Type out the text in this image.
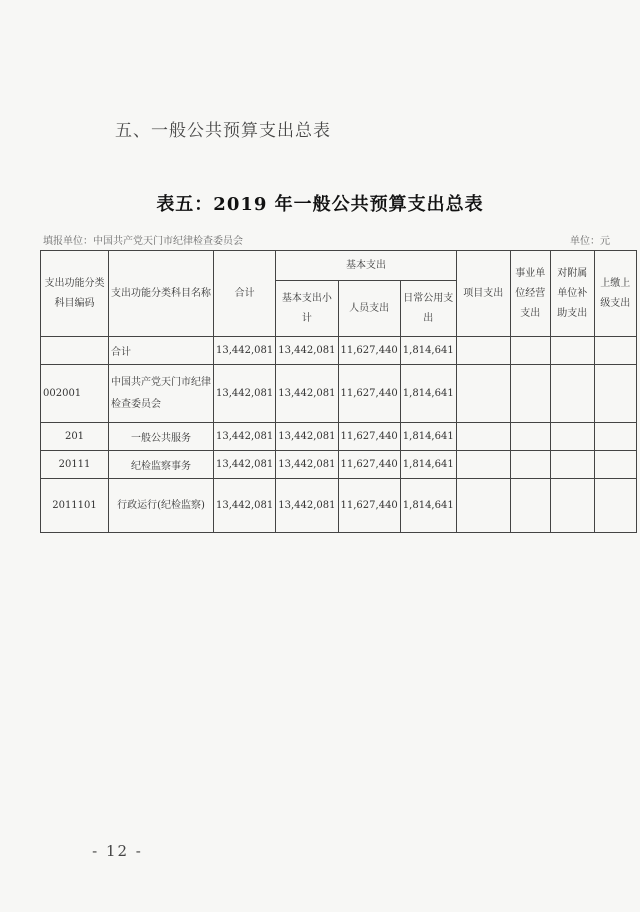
五、一般公共预算支出总表
表五：2019 年一般公共预算支出总表
填报单位：中国共产党天门市纪律检查委员会	单位：元
支出功能分类科目编码	支出功能分类科目名称	合计	基本支出			项目支出	事业单位经营支出	对附属单位补助支出	上缴上级支出
			基本支出小计	人员支出	日常公用支出				
	合计	13,442,081	13,442,081	11,627,440	1,814,641				
002001	中国共产党天门市纪律检查委员会	13,442,081	13,442,081	11,627,440	1,814,641				
201	一般公共服务	13,442,081	13,442,081	11,627,440	1,814,641				
20111	纪检监察事务	13,442,081	13,442,081	11,627,440	1,814,641				
2011101	行政运行(纪检监察)	13,442,081	13,442,081	11,627,440	1,814,641				
- 12 -
